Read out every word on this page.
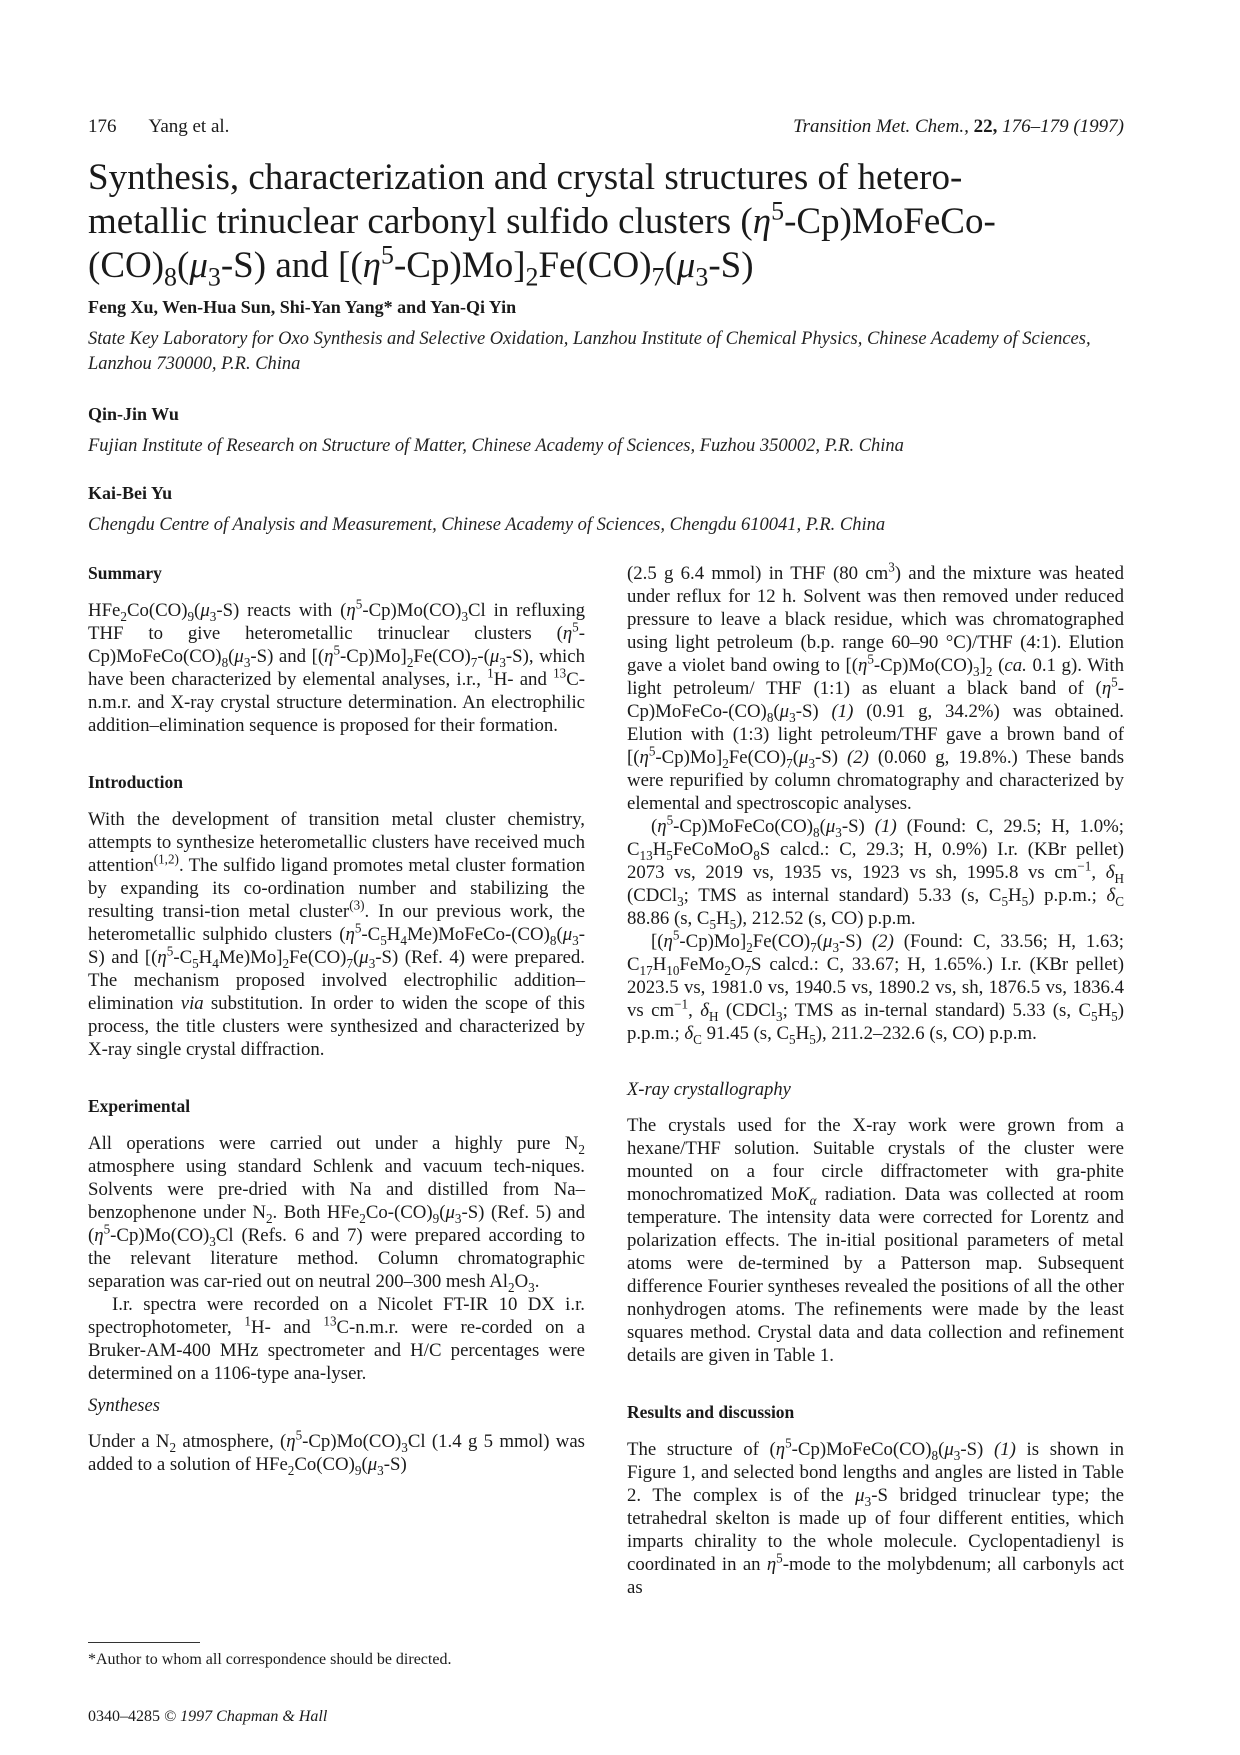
176 Yang et al.	Transition Met. Chem., 22, 176–179 (1997)
Synthesis, characterization and crystal structures of hetero-
metallic trinuclear carbonyl sulfido clusters $(\eta^5-Cp)MoFeCo-$
$(CO)_8(\mu_3-S)$ and $[(\eta^5-Cp)Mo]_2Fe(CO)_7(\mu_3-S)$
Feng Xu, Wen-Hua Sun, Shi-Yan Yang* and Yan-Qi Yin
State Key Laboratory for Oxo Synthesis and Selective Oxidation, Lanzhou Institute of Chemical Physics, Chinese Academy of Sciences, Lanzhou 730000, P.R. China
Qin-Jin Wu
Fujian Institute of Research on Structure of Matter, Chinese Academy of Sciences, Fuzhou 350002, P.R. China
Kai-Bei Yu
Chengdu Centre of Analysis and Measurement, Chinese Academy of Sciences, Chengdu 610041, P.R. China
Summary

$HFe_2Co(CO)_9(\mu_3-S)$ reacts with $(\eta^5-Cp)Mo(CO)_3Cl$ in refluxing THF to give heterometallic trinuclear clusters $(\eta^5-Cp)MoFeCo(CO)_8(\mu_3-S)$ and $[(\eta^5-Cp)Mo]_2Fe(CO)_7-(\mu_3-S)$, which have been characterized by elemental analyses, i.r., $^1$H- and $^{13}$C-n.m.r. and X-ray crystal structure determination. An electrophilic addition–elimination sequence is proposed for their formation.

Introduction

With the development of transition metal cluster chemistry, attempts to synthesize heterometallic clusters have received much attention$^{(1,2)}$. The sulfido ligand promotes metal cluster formation by expanding its co-ordination number and stabilizing the resulting transi-tion metal cluster$^{(3)}$. In our previous work, the heterometallic sulphido clusters $(\eta^5-C_5H_4Me)MoFeCo-(CO)_8(\mu_3-S)$ and $[(\eta^5-C_5H_4Me)Mo]_2Fe(CO)_7(\mu_3-S)$ (Ref. 4) were prepared. The mechanism proposed involved electrophilic addition–elimination via substitution. In order to widen the scope of this process, the title clusters were synthesized and characterized by X-ray single crystal diffraction.

Experimental

All operations were carried out under a highly pure $N_2$ atmosphere using standard Schlenk and vacuum tech-niques. Solvents were pre-dried with Na and distilled from Na–benzophenone under $N_2$. Both $HFe_2Co-(CO)_9(\mu_3-S)$ (Ref. 5) and $(\eta^5-Cp)Mo(CO)_3Cl$ (Refs. 6 and 7) were prepared according to the relevant literature method. Column chromatographic separation was car-ried out on neutral 200–300 mesh $Al_2O_3$.

I.r. spectra were recorded on a Nicolet FT-IR 10 DX i.r. spectrophotometer, $^1$H- and $^{13}$C-n.m.r. were re-corded on a Bruker-AM-400 MHz spectrometer and H/C percentages were determined on a 1106-type ana-lyser.

Syntheses

Under a $N_2$ atmosphere, $(\eta^5-Cp)Mo(CO)_3Cl$ (1.4 g 5 mmol) was added to a solution of $HFe_2Co(CO)_9(\mu_3-S)$

(2.5 g 6.4 mmol) in THF (80 $cm^3$) and the mixture was heated under reflux for 12 h. Solvent was then removed under reduced pressure to leave a black residue, which was chromatographed using light petroleum (b.p. range 60–90 °C)/THF (4:1). Elution gave a violet band owing to $[(\eta^5-Cp)Mo(CO)_3]_2$ (ca. 0.1 g). With light petroleum/ THF (1:1) as eluant a black band of $(\eta^5-Cp)MoFeCo-(CO)_8(\mu_3-S)$ (1) (0.91 g, 34.2%) was obtained. Elution with (1:3) light petroleum/THF gave a brown band of $[(\eta^5-Cp)Mo]_2Fe(CO)_7(\mu_3-S)$ (2) (0.060 g, 19.8%.) These bands were repurified by column chromatography and characterized by elemental and spectroscopic analyses.

$(\eta^5-Cp)MoFeCo(CO)_8(\mu_3-S)$ (1) (Found: C, 29.5; H, 1.0%; $C_{13}H_5FeCoMoO_8S$ calcd.: C, 29.3; H, 0.9%) I.r. (KBr pellet) 2073 vs, 2019 vs, 1935 vs, 1923 vs sh, 1995.8 vs $cm^{-1}$, $\delta_H$ (CDCl$_3$; TMS as internal standard) 5.33 (s, $C_5H_5$) p.p.m.; $\delta_C$ 88.86 (s, $C_5H_5$), 212.52 (s, CO) p.p.m.

$[(\eta^5-Cp)Mo]_2Fe(CO)_7(\mu_3-S)$ (2) (Found: C, 33.56; H, 1.63; $C_{17}H_{10}FeMo_2O_7S$ calcd.: C, 33.67; H, 1.65%.) I.r. (KBr pellet) 2023.5 vs, 1981.0 vs, 1940.5 vs, 1890.2 vs, sh, 1876.5 vs, 1836.4 vs $cm^{-1}$, $\delta_H$ (CDCl$_3$; TMS as in-ternal standard) 5.33 (s, $C_5H_5$) p.p.m.; $\delta_C$ 91.45 (s, $C_5H_5$), 211.2–232.6 (s, CO) p.p.m.

X-ray crystallography

The crystals used for the X-ray work were grown from a hexane/THF solution. Suitable crystals of the cluster were mounted on a four circle diffractometer with gra-phite monochromatized MoK$_\alpha$ radiation. Data was collected at room temperature. The intensity data were corrected for Lorentz and polarization effects. The in-itial positional parameters of metal atoms were de-termined by a Patterson map. Subsequent difference Fourier syntheses revealed the positions of all the other nonhydrogen atoms. The refinements were made by the least squares method. Crystal data and data collection and refinement details are given in Table 1.

Results and discussion

The structure of $(\eta^5-Cp)MoFeCo(CO)_8(\mu_3-S)$ (1) is shown in Figure 1, and selected bond lengths and angles are listed in Table 2. The complex is of the $\mu_3-S$ bridged trinuclear type; the tetrahedral skelton is made up of four different entities, which imparts chirality to the whole molecule. Cyclopentadienyl is coordinated in an $\eta^5$-mode to the molybdenum; all carbonyls act as

*Author to whom all correspondence should be directed.
0340–4285 © 1997 Chapman & Hall
